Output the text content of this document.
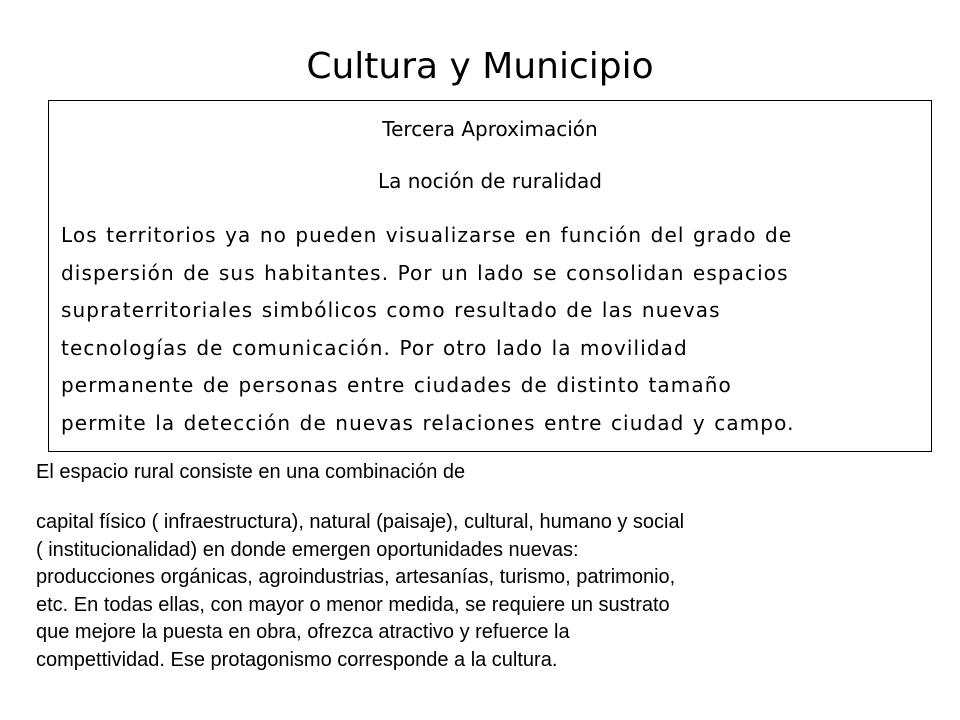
Cultura y Municipio
Tercera Aproximación
La noción de ruralidad
Los territorios ya no pueden visualizarse en función del grado de
dispersión de sus habitantes. Por un lado se consolidan espacios
supraterritoriales simbólicos como resultado de las nuevas
tecnologías de comunicación. Por otro lado la movilidad
permanente de personas entre ciudades de distinto tamaño
permite la detección de nuevas relaciones entre ciudad y campo.
El espacio rural consiste en una combinación de
capital físico ( infraestructura), natural (paisaje), cultural, humano y social
( institucionalidad) en donde emergen oportunidades nuevas:
producciones orgánicas, agroindustrias, artesanías, turismo, patrimonio,
etc. En todas ellas, con mayor o menor medida, se requiere un sustrato
que mejore la puesta en obra, ofrezca atractivo y refuerce la
compettividad. Ese protagonismo corresponde a la cultura.
